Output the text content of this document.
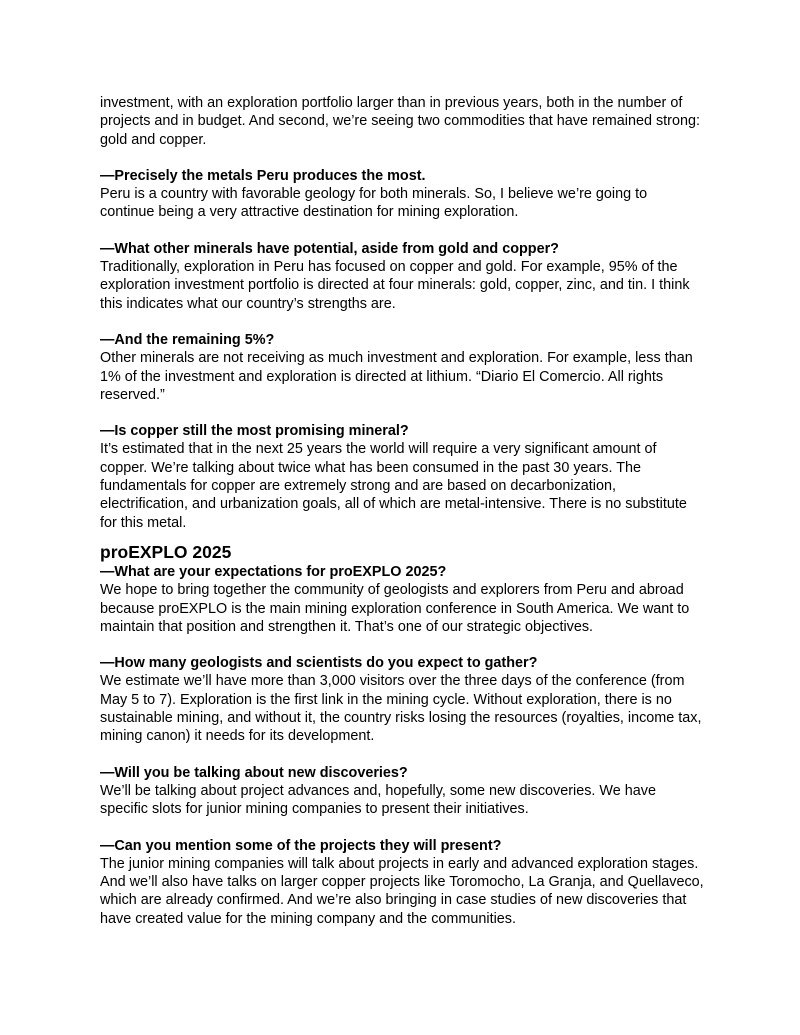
investment, with an exploration portfolio larger than in previous years, both in the number of projects and in budget. And second, we’re seeing two commodities that have remained strong: gold and copper.

—Precisely the metals Peru produces the most.

Peru is a country with favorable geology for both minerals. So, I believe we’re going to continue being a very attractive destination for mining exploration.

—What other minerals have potential, aside from gold and copper?

Traditionally, exploration in Peru has focused on copper and gold. For example, 95% of the exploration investment portfolio is directed at four minerals: gold, copper, zinc, and tin. I think this indicates what our country’s strengths are.

—And the remaining 5%?

Other minerals are not receiving as much investment and exploration. For example, less than 1% of the investment and exploration is directed at lithium. “Diario El Comercio. All rights reserved.”

—Is copper still the most promising mineral?

It’s estimated that in the next 25 years the world will require a very significant amount of copper. We’re talking about twice what has been consumed in the past 30 years. The fundamentals for copper are extremely strong and are based on decarbonization, electrification, and urbanization goals, all of which are metal-intensive. There is no substitute for this metal.

proEXPLO 2025

—What are your expectations for proEXPLO 2025?

We hope to bring together the community of geologists and explorers from Peru and abroad because proEXPLO is the main mining exploration conference in South America. We want to maintain that position and strengthen it. That’s one of our strategic objectives.

—How many geologists and scientists do you expect to gather?

We estimate we’ll have more than 3,000 visitors over the three days of the conference (from May 5 to 7). Exploration is the first link in the mining cycle. Without exploration, there is no sustainable mining, and without it, the country risks losing the resources (royalties, income tax, mining canon) it needs for its development.

—Will you be talking about new discoveries?

We’ll be talking about project advances and, hopefully, some new discoveries. We have specific slots for junior mining companies to present their initiatives.

—Can you mention some of the projects they will present?

The junior mining companies will talk about projects in early and advanced exploration stages. And we’ll also have talks on larger copper projects like Toromocho, La Granja, and Quellaveco, which are already confirmed. And we’re also bringing in case studies of new discoveries that have created value for the mining company and the communities.
